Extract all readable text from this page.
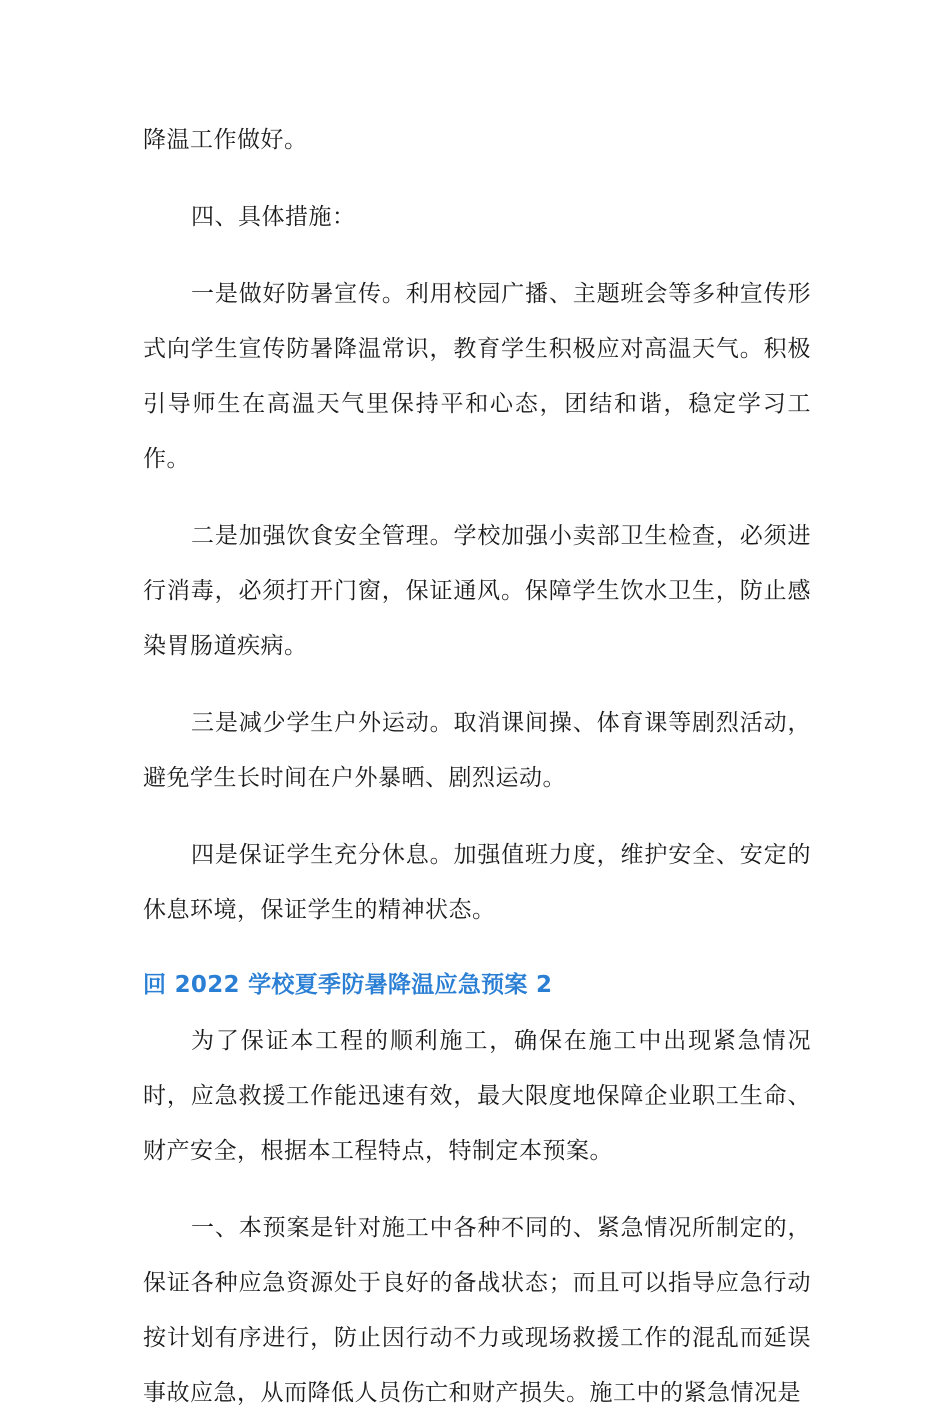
降温工作做好。

四、具体措施：

一是做好防暑宣传。利用校园广播、主题班会等多种宣传形式向学生宣传防暑降温常识，教育学生积极应对高温天气。积极引导师生在高温天气里保持平和心态，团结和谐，稳定学习工作。

二是加强饮食安全管理。学校加强小卖部卫生检查，必须进行消毒，必须打开门窗，保证通风。保障学生饮水卫生，防止感染胃肠道疾病。

三是减少学生户外运动。取消课间操、体育课等剧烈活动，避免学生长时间在户外暴晒、剧烈运动。

四是保证学生充分休息。加强值班力度，维护安全、安定的休息环境，保证学生的精神状态。

回 2022 学校夏季防暑降温应急预案 2

为了保证本工程的顺利施工，确保在施工中出现紧急情况时，应急救援工作能迅速有效，最大限度地保障企业职工生命、财产安全，根据本工程特点，特制定本预案。

一、本预案是针对施工中各种不同的、紧急情况所制定的，保证各种应急资源处于良好的备战状态；而且可以指导应急行动按计划有序进行，防止因行动不力或现场救援工作的混乱而延误事故应急，从而降低人员伤亡和财产损失。施工中的紧急情况是
